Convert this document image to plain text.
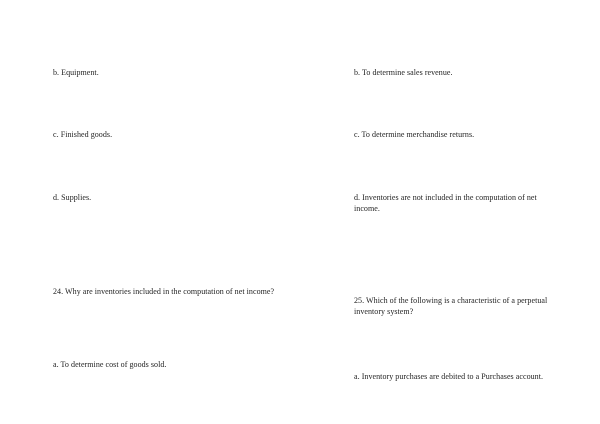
b. Equipment.
c. Finished goods.
d. Supplies.
24. Why are inventories included in the computation of net income?
a. To determine cost of goods sold.
b. To determine sales revenue.
c. To determine merchandise returns.
d. Inventories are not included in the computation of net income.
25. Which of the following is a characteristic of a perpetual inventory system?
a. Inventory purchases are debited to a Purchases account.
